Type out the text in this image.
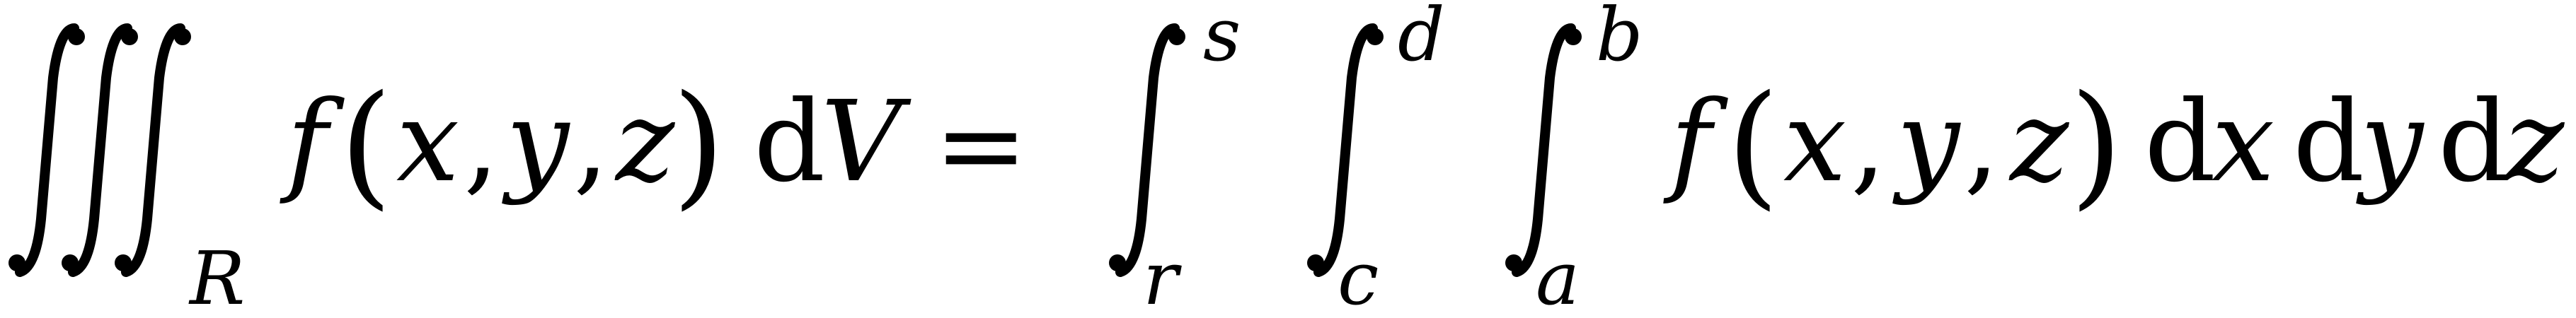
R
f ( x , y , z
) d
V =
s
r
d
c
b
a
f ( x , y , z ) d
x d
y d
z
